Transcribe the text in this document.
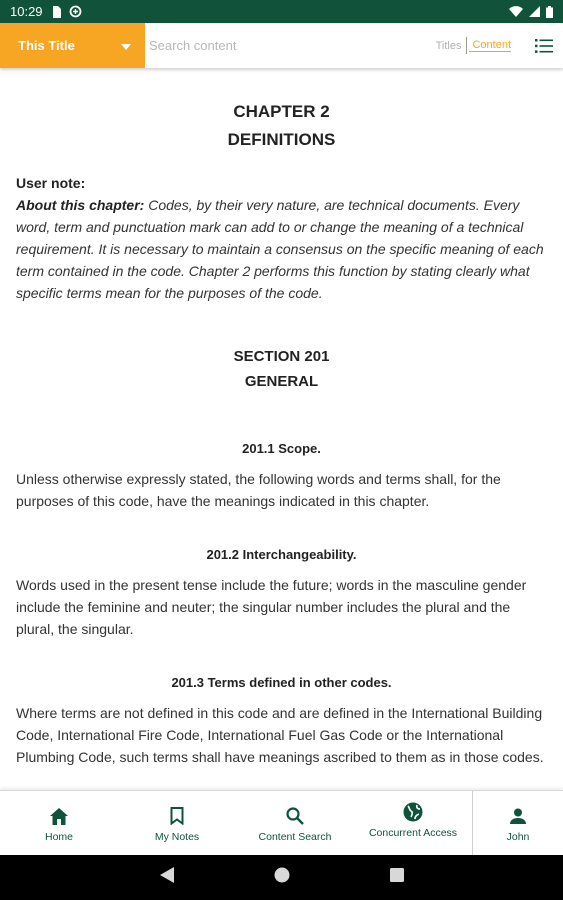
10:29
This Title
Search content	Titles Content
CHAPTER 2
DEFINITIONS
User note:
About this chapter: Codes, by their very nature, are technical documents. Every word, term and punctuation mark can add to or change the meaning of a technical requirement. It is necessary to maintain a consensus on the specific meaning of each term contained in the code. Chapter 2 performs this function by stating clearly what specific terms mean for the purposes of the code.
SECTION 201
GENERAL
201.1 Scope.
Unless otherwise expressly stated, the following words and terms shall, for the purposes of this code, have the meanings indicated in this chapter.
201.2 Interchangeability.
Words used in the present tense include the future; words in the masculine gender include the feminine and neuter; the singular number includes the plural and the plural, the singular.
201.3 Terms defined in other codes.
Where terms are not defined in this code and are defined in the International Building Code, International Fire Code, International Fuel Gas Code or the International Plumbing Code, such terms shall have meanings ascribed to them as in those codes.
Home	My Notes	Content Search	Concurrent Access	John
